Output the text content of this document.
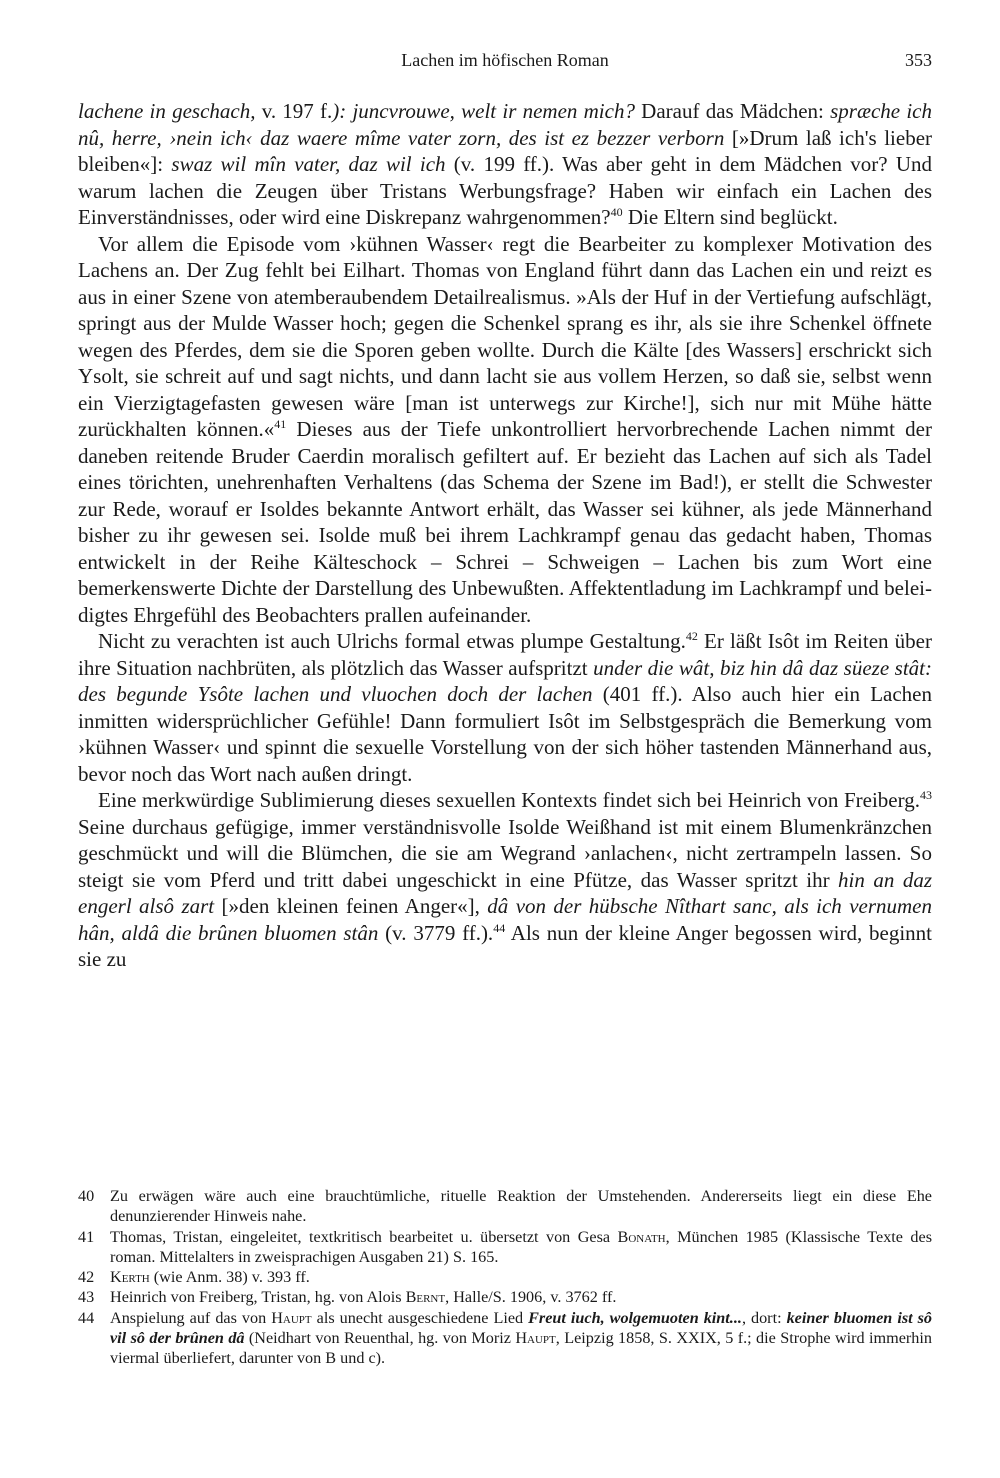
Lachen im höfischen Roman	353

lachene in geschach, v. 197 f.): juncvrouwe, welt ir nemen mich? Darauf das Mädchen: spræche ich nû, herre, ›nein ich‹ daz waere mîme vater zorn, des ist ez bezzer verborn [»Drum laß ich's lieber bleiben«]: swaz wil mîn vater, daz wil ich (v. 199 ff.). Was aber geht in dem Mädchen vor? Und warum lachen die Zeugen über Tristans Werbungsfrage? Haben wir einfach ein Lachen des Einverständnisses, oder wird eine Diskrepanz wahrgenommen?$^{40}$ Die Eltern sind beglückt.

Vor allem die Episode vom ›kühnen Wasser‹ regt die Bearbeiter zu komplexer Motivation des Lachens an. Der Zug fehlt bei Eilhart. Thomas von England führt dann das Lachen ein und reizt es aus in einer Szene von atemberaubendem Detailrealismus. »Als der Huf in der Vertiefung aufschlägt, springt aus der Mulde Wasser hoch; gegen die Schenkel sprang es ihr, als sie ihre Schenkel öffnete wegen des Pferdes, dem sie die Sporen geben wollte. Durch die Kälte [des Wassers] erschrickt sich Ysolt, sie schreit auf und sagt nichts, und dann lacht sie aus vollem Herzen, so daß sie, selbst wenn ein Vierzigtagefasten gewesen wäre [man ist unterwegs zur Kirche!], sich nur mit Mühe hätte zurückhalten können.«$^{41}$ Dieses aus der Tiefe unkontrolliert hervorbrechende Lachen nimmt der daneben reitende Bruder Caerdin moralisch gefiltert auf. Er bezieht das Lachen auf sich als Tadel eines törichten, unehrenhaften Verhaltens (das Schema der Szene im Bad!), er stellt die Schwester zur Rede, worauf er Isoldes bekannte Antwort erhält, das Wasser sei kühner, als jede Männerhand bisher zu ihr gewesen sei. Isolde muß bei ihrem Lachkrampf genau das gedacht haben, Thomas entwickelt in der Reihe Kälteschock – Schrei – Schweigen – Lachen bis zum Wort eine bemerkenswerte Dichte der Darstellung des Unbewußten. Affektentladung im Lachkrampf und beleidigtes Ehrgefühl des Beobachters prallen aufeinander.

Nicht zu verachten ist auch Ulrichs formal etwas plumpe Gestaltung.$^{42}$ Er läßt Isôt im Reiten über ihre Situation nachbrüten, als plötzlich das Wasser aufspritzt under die wât, biz hin dâ daz süeze stât: des begunde Ysôte lachen und vluochen doch der lachen (401 ff.). Also auch hier ein Lachen inmitten widersprüchlicher Gefühle! Dann formuliert Isôt im Selbstgespräch die Bemerkung vom ›kühnen Wasser‹ und spinnt die sexuelle Vorstellung von der sich höher tastenden Männerhand aus, bevor noch das Wort nach außen dringt.

Eine merkwürdige Sublimierung dieses sexuellen Kontexts findet sich bei Heinrich von Freiberg.$^{43}$ Seine durchaus gefügige, immer verständnisvolle Isolde Weißhand ist mit einem Blumenkränzchen geschmückt und will die Blümchen, die sie am Wegrand ›anlachen‹, nicht zertrampeln lassen. So steigt sie vom Pferd und tritt dabei ungeschickt in eine Pfütze, das Wasser spritzt ihr hin an daz engerl alsô zart [»den kleinen feinen Anger«], dâ von der hübsche Nîthart sanc, als ich vernumen hân, aldâ die brûnen bluomen stân (v. 3779 ff.).$^{44}$ Als nun der kleine Anger begossen wird, beginnt sie zu

40 Zu erwägen wäre auch eine brauchtümliche, rituelle Reaktion der Umstehenden. Andererseits liegt ein diese Ehe denunzierender Hinweis nahe.

41 Thomas, Tristan, eingeleitet, textkritisch bearbeitet u. übersetzt von Gesa Bonath, München 1985 (Klassische Texte des roman. Mittelalters in zweisprachigen Ausgaben 21) S. 165.

42 Kerth (wie Anm. 38) v. 393 ff.

43 Heinrich von Freiberg, Tristan, hg. von Alois Bernt, Halle/S. 1906, v. 3762 ff.

44 Anspielung auf das von Haupt als unecht ausgeschiedene Lied Freut iuch, wolgemuoten kint..., dort: keiner bluomen ist sô vil sô der brûnen dâ (Neidhart von Reuenthal, hg. von Moriz Haupt, Leipzig 1858, S. XXIX, 5 f.; die Strophe wird immerhin viermal überliefert, darunter von B und c).
